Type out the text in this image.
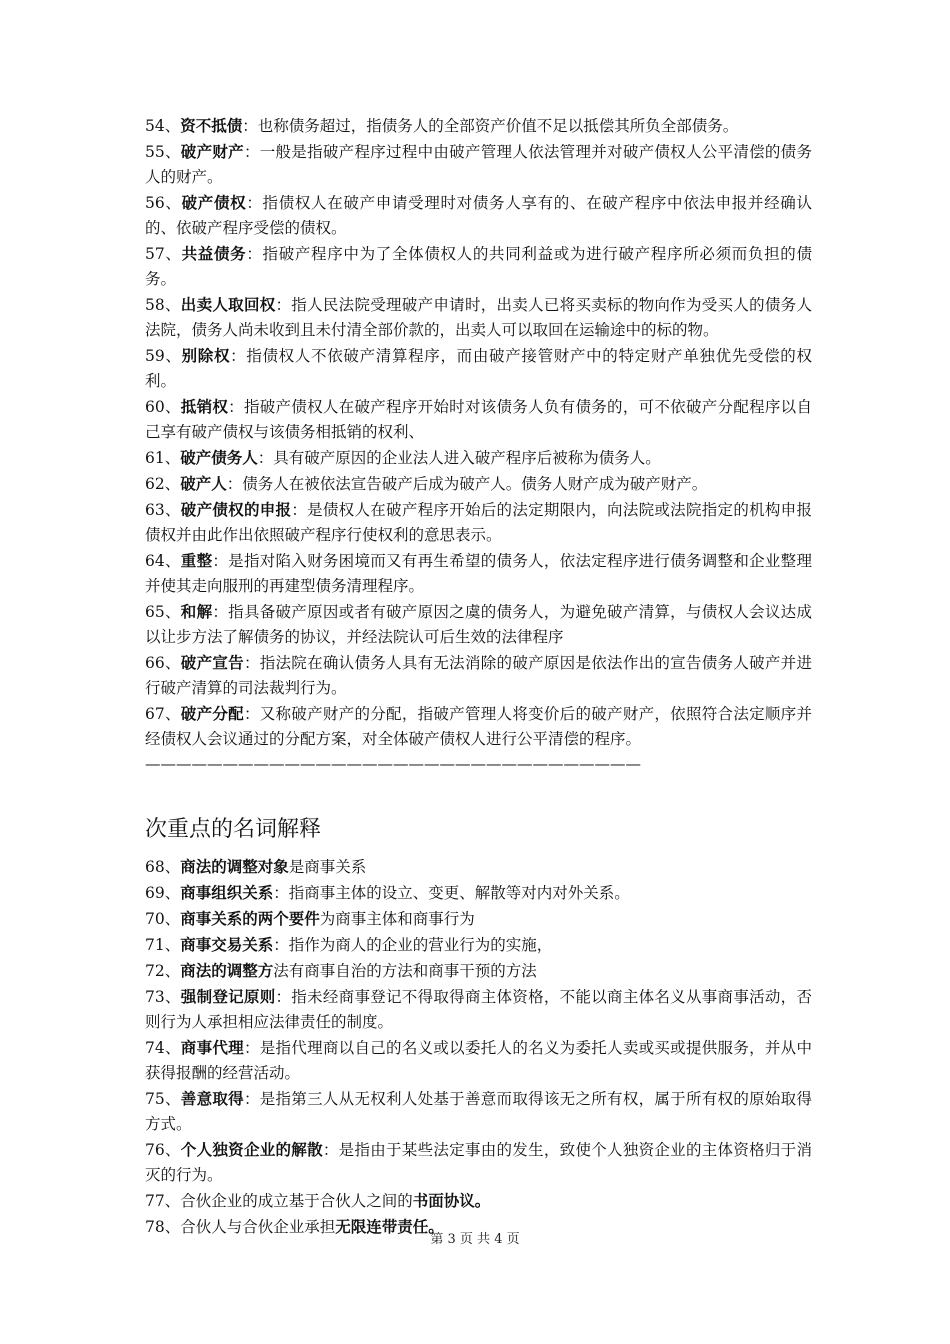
54、资不抵债：也称债务超过，指债务人的全部资产价值不足以抵偿其所负全部债务。

55、破产财产：一般是指破产程序过程中由破产管理人依法管理并对破产债权人公平清偿的债务人的财产。

56、破产债权：指债权人在破产申请受理时对债务人享有的、在破产程序中依法申报并经确认的、依破产程序受偿的债权。

57、共益债务：指破产程序中为了全体债权人的共同利益或为进行破产程序所必须而负担的债务。

58、出卖人取回权：指人民法院受理破产申请时，出卖人已将买卖标的物向作为受买人的债务人法院，债务人尚未收到且未付清全部价款的，出卖人可以取回在运输途中的标的物。

59、别除权：指债权人不依破产清算程序，而由破产接管财产中的特定财产单独优先受偿的权利。

60、抵销权：指破产债权人在破产程序开始时对该债务人负有债务的，可不依破产分配程序以自己享有破产债权与该债务相抵销的权利、

61、破产债务人：具有破产原因的企业法人进入破产程序后被称为债务人。

62、破产人：债务人在被依法宣告破产后成为破产人。债务人财产成为破产财产。

63、破产债权的申报：是债权人在破产程序开始后的法定期限内，向法院或法院指定的机构申报债权并由此作出依照破产程序行使权利的意思表示。

64、重整：是指对陷入财务困境而又有再生希望的债务人，依法定程序进行债务调整和企业整理并使其走向服刑的再建型债务清理程序。

65、和解：指具备破产原因或者有破产原因之虞的债务人，为避免破产清算，与债权人会议达成以让步方法了解债务的协议，并经法院认可后生效的法律程序

66、破产宣告：指法院在确认债务人具有无法消除的破产原因是依法作出的宣告债务人破产并进行破产清算的司法裁判行为。

67、破产分配：又称破产财产的分配，指破产管理人将变价后的破产财产，依照符合法定顺序并经债权人会议通过的分配方案，对全体破产债权人进行公平清偿的程序。

————————————————————————————————
次重点的名词解释

68、商法的调整对象是商事关系

69、商事组织关系：指商事主体的设立、变更、解散等对内对外关系。

70、商事关系的两个要件为商事主体和商事行为

71、商事交易关系：指作为商人的企业的营业行为的实施，

72、商法的调整方法有商事自治的方法和商事干预的方法

73、强制登记原则：指未经商事登记不得取得商主体资格，不能以商主体名义从事商事活动，否则行为人承担相应法律责任的制度。

74、商事代理：是指代理商以自己的名义或以委托人的名义为委托人卖或买或提供服务，并从中获得报酬的经营活动。

75、善意取得：是指第三人从无权利人处基于善意而取得该无之所有权，属于所有权的原始取得方式。

76、个人独资企业的解散：是指由于某些法定事由的发生，致使个人独资企业的主体资格归于消灭的行为。

77、合伙企业的成立基于合伙人之间的书面协议。

78、合伙人与合伙企业承担无限连带责任。

第 3 页 共 4 页
